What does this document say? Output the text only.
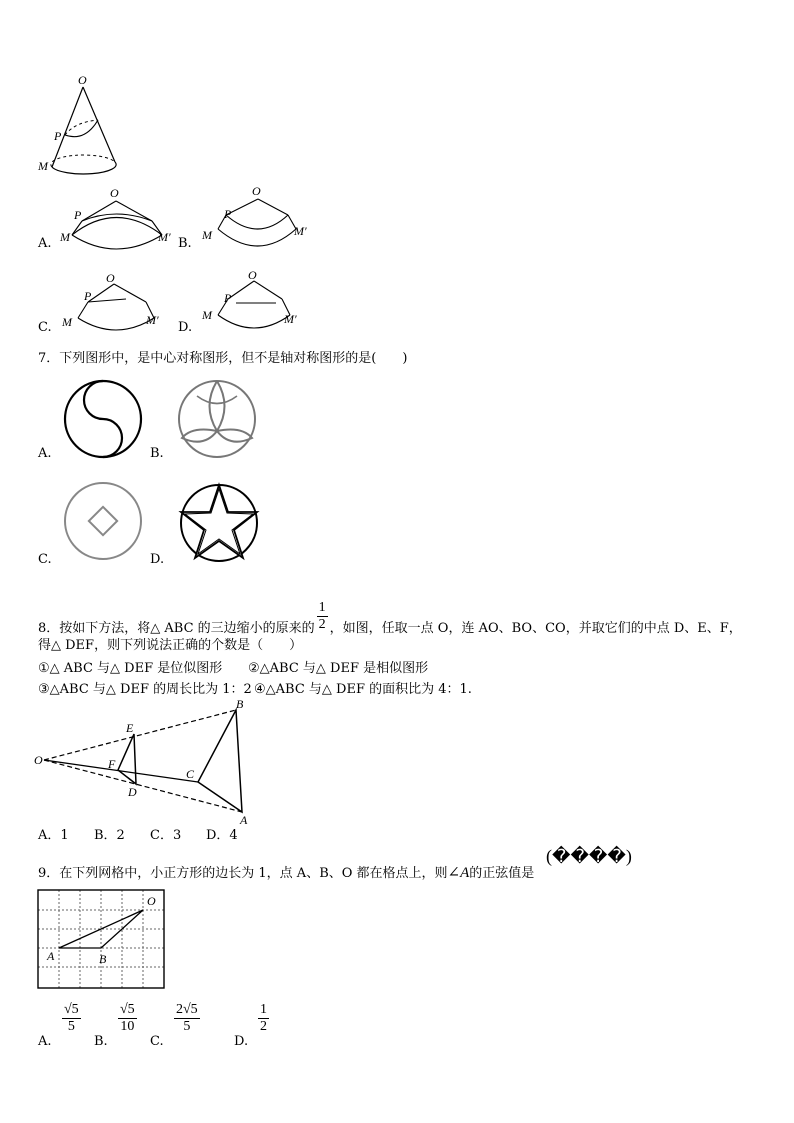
O
P
M
A.
O
P
M	M′ B.
O
P
M	M′
C.
O
P
M	M′ D.
O
P
M	M′
7．下列图形中，是中心对称图形，但不是轴对称图形的是(　　)
A.	B.
C.	D.
8．按如下方法，将△ ABC 的三边缩小的原来的 $\frac{1}{2}$ ，如图，任取一点 O，连 AO、BO、CO，并取它们的中点 D、E、F，
得△ DEF，则下列说法正确的个数是（　　）
①△ ABC 与△ DEF 是位似图形 ②△ABC 与△ DEF 是相似图形
③△ABC 与△ DEF 的周长比为 1：2 ④△ABC 与△ DEF 的面积比为 4：1.
O
E
F
D
C
B
A
A．1 B．2 C．3 D．4
9．在下列网格中，小正方形的边长为 1，点 A、B、O 都在格点上，则∠A的正弦值是
(����)
O
A	B
A.
$\frac{√5}{5}$
B.
$\frac{√5}{10}$
C.
$\frac{2√5}{5}$
D.
$\frac{1}{2}$
